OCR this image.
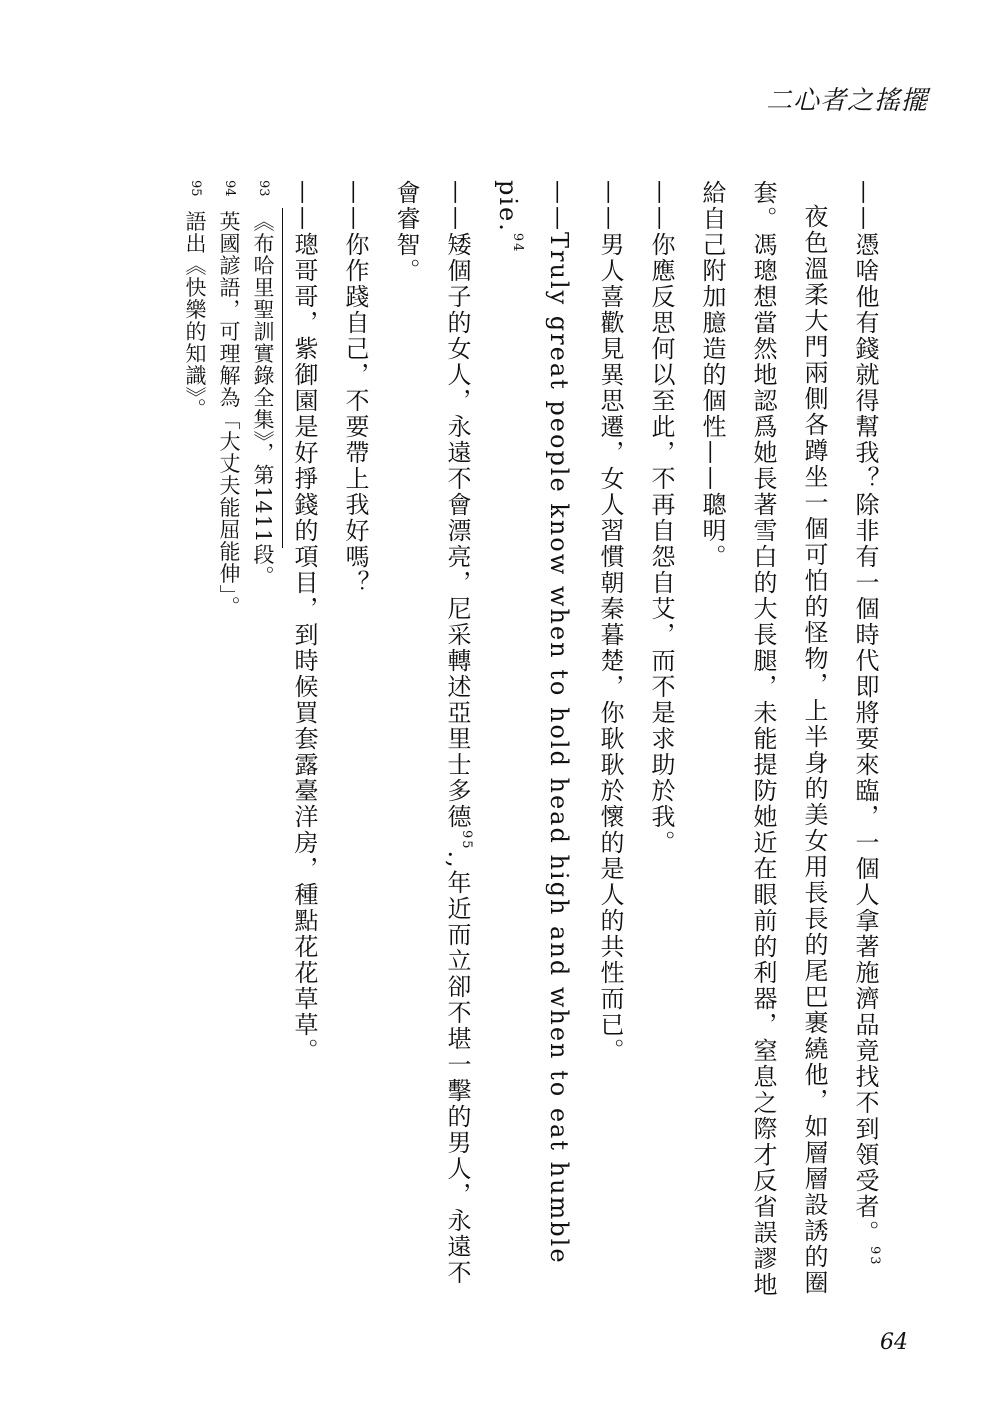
二心者之搖擺

——憑啥他有錢就得幫我？除非有一個時代即將要來臨，一個人拿著施濟品竟找不到領受者。$^{93}$

夜色溫柔大門兩側各蹲坐一個可怕的怪物，上半身的美女用長長的尾巴裹繞他，如層層設誘的圈套。馮璁想當然地認爲她長著雪白的大長腿，未能提防她近在眼前的利器，窒息之際才反省誤謬地給自己附加臆造的個性——聰明。

——你應反思何以至此，不再自怨自艾，而不是求助於我。

——男人喜歡見異思遷，女人習慣朝秦暮楚，你耿耿於懷的是人的共性而已。

——Truly great people know when to hold head high and when to eat humble pie.$^{94}$

——矮個子的女人，永遠不會漂亮，尼采轉述亞里士多德$^{95}$.,年近而立卻不堪一擊的男人，永遠不會睿智。

——你作踐自己，不要帶上我好嗎？

——璁哥哥，紫御園是好掙錢的項目，到時候買套露臺洋房，種點花花草草。

93《布哈里聖訓實錄全集》，第1411段。

94英國諺語，可理解為「大丈夫能屈能伸」。

95語出《快樂的知識》。

64
